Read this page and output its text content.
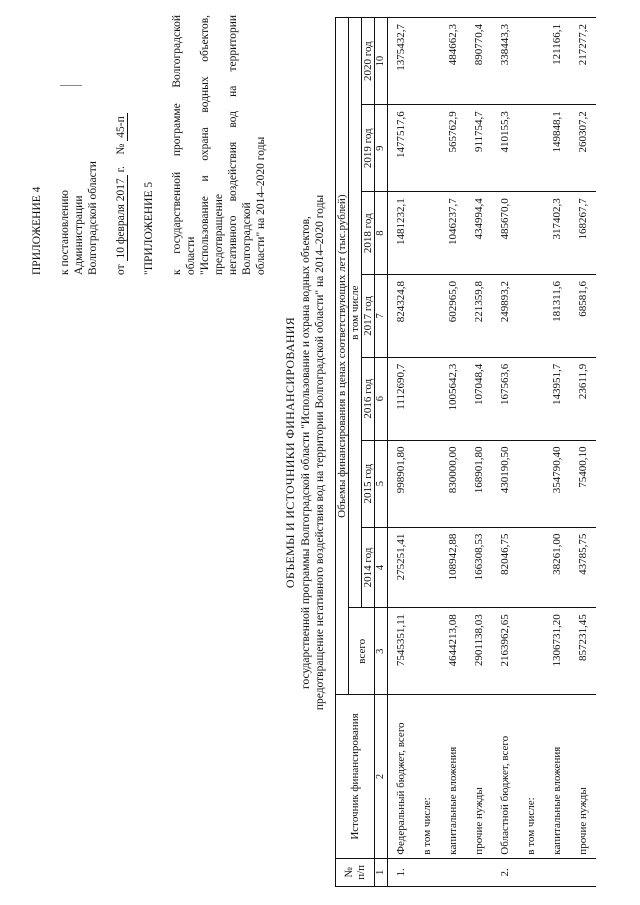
ПРИЛОЖЕНИЕ 4 к постановлению Администрации Волгоградской области от 10 февраля 2017 г.    № 45-п
"ПРИЛОЖЕНИЕ 5 к государственной программе Волгоградской области "Использование и охрана водных объектов, предотвращение негативного воздействия вод на территории Волгоградской области" на 2014–2020 годы
ОБЪЕМЫ И ИСТОЧНИКИ ФИНАНСИРОВАНИЯ государственной программы Волгоградской области "Использование и охрана водных объектов, предотвращение негативного воздействия вод на территории Волгоградской области" на 2014–2020 годы
№ п/п	Источник финансирования	Объемы финансирования в ценах соответствующих лет (тыс.рублей)							
		всего	в том числе						
			2014 год	2015 год	2016 год	2017 год	2018 год	2019 год	2020 год
1	2	3	4	5	6	7	8	9	10
1.	Федеральный бюджет, всего	7545351,11	275251,41	998901,80	1112690,7	824324,8	1481232,1	1477517,6	1375432,7
	в том числе:								
	капитальные вложения	4644213,08	108942,88	830000,00	1005642,3	602965,0	1046237,7	565762,9	484662,3
	прочие нужды	2901138,03	166308,53	168901,80	107048,4	221359,8	434994,4	911754,7	890770,4
2.	Областной бюджет, всего	2163962,65	82046,75	430190,50	167563,6	249893,2	485670,0	410155,3	338443,3
	в том числе:								
	капитальные вложения	1306731,20	38261,00	354790,40	143951,7	181311,6	317402,3	149848,1	121166,1
	прочие нужды	857231,45	43785,75	75400,10	23611,9	68581,6	168267,7	260307,2	217277,2
